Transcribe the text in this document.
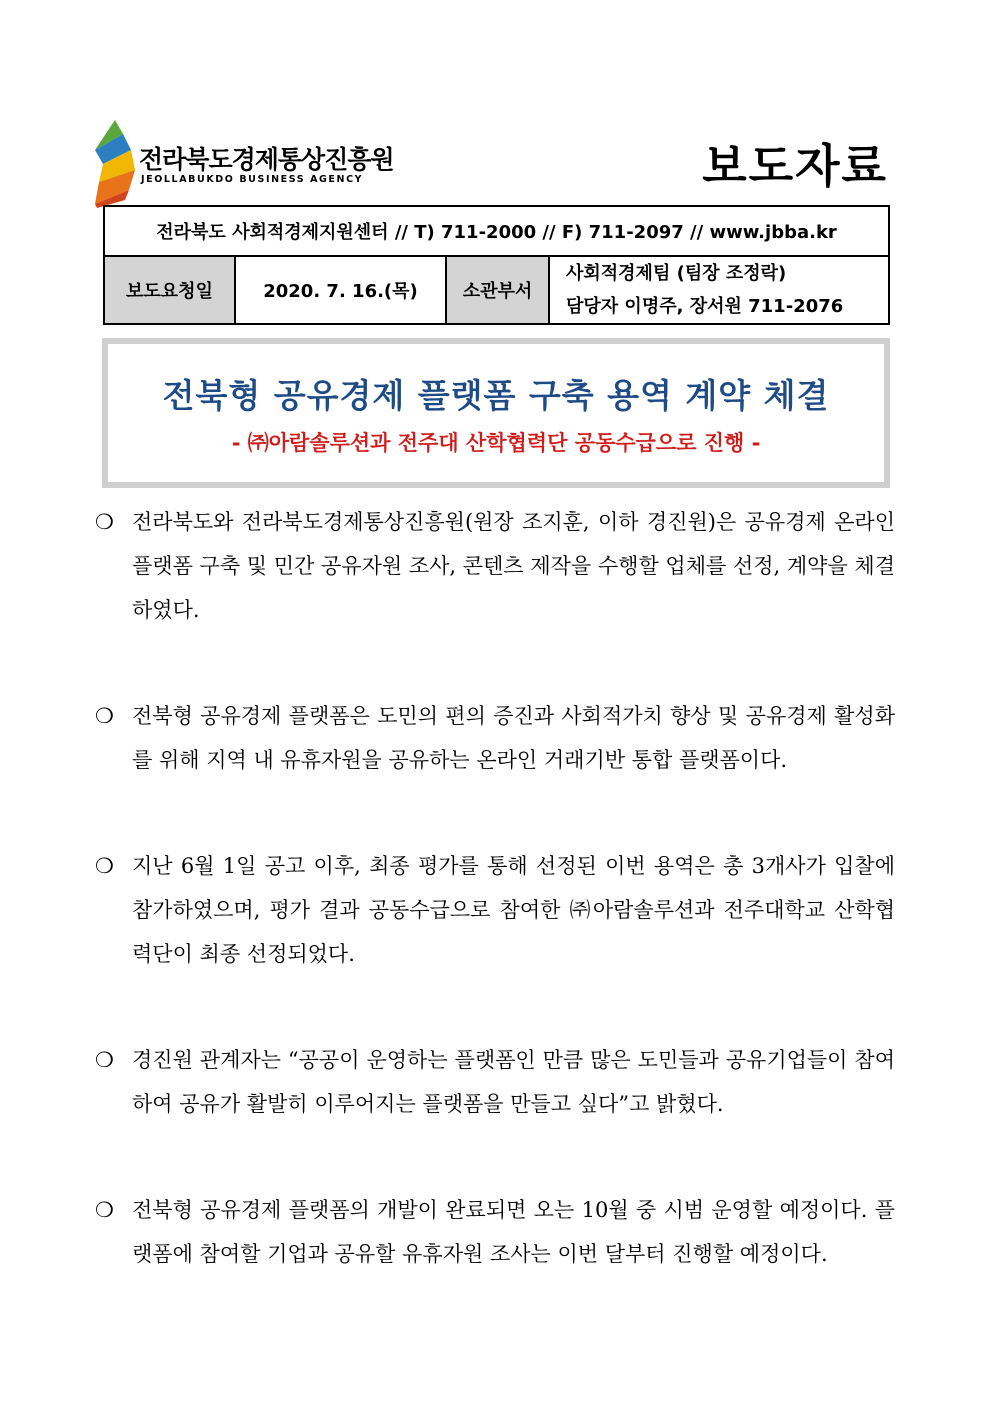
전라북도경제통상진흥원
JEOLLABUKDO BUSINESS AGENCY	보도자료
전라북도 사회적경제지원센터 // T) 711-2000 // F) 711-2097 // www.jbba.kr
보도요청일	2020. 7. 16.(목)	소관부서	
사회적경제팀 (팀장 조정락)
담당자 이명주, 장서원 711-2076
전북형 공유경제 플랫폼 구축 용역 계약 체결
- ㈜아람솔루션과 전주대 산학협력단 공동수급으로 진행 -
❍ 전라북도와 전라북도경제통상진흥원(원장 조지훈, 이하 경진원)은 공유경제 온라인 플랫폼 구축 및 민간 공유자원 조사, 콘텐츠 제작을 수행할 업체를 선정, 계약을 체결하였다.
❍ 전북형 공유경제 플랫폼은 도민의 편의 증진과 사회적가치 향상 및 공유경제 활성화를 위해 지역 내 유휴자원을 공유하는 온라인 거래기반 통합 플랫폼이다.
❍ 지난 6월 1일 공고 이후, 최종 평가를 통해 선정된 이번 용역은 총 3개사가 입찰에 참가하였으며, 평가 결과 공동수급으로 참여한 ㈜아람솔루션과 전주대학교 산학협력단이 최종 선정되었다.
❍ 경진원 관계자는 “공공이 운영하는 플랫폼인 만큼 많은 도민들과 공유기업들이 참여하여 공유가 활발히 이루어지는 플랫폼을 만들고 싶다”고 밝혔다.
❍ 전북형 공유경제 플랫폼의 개발이 완료되면 오는 10월 중 시범 운영할 예정이다. 플랫폼에 참여할 기업과 공유할 유휴자원 조사는 이번 달부터 진행할 예정이다.
